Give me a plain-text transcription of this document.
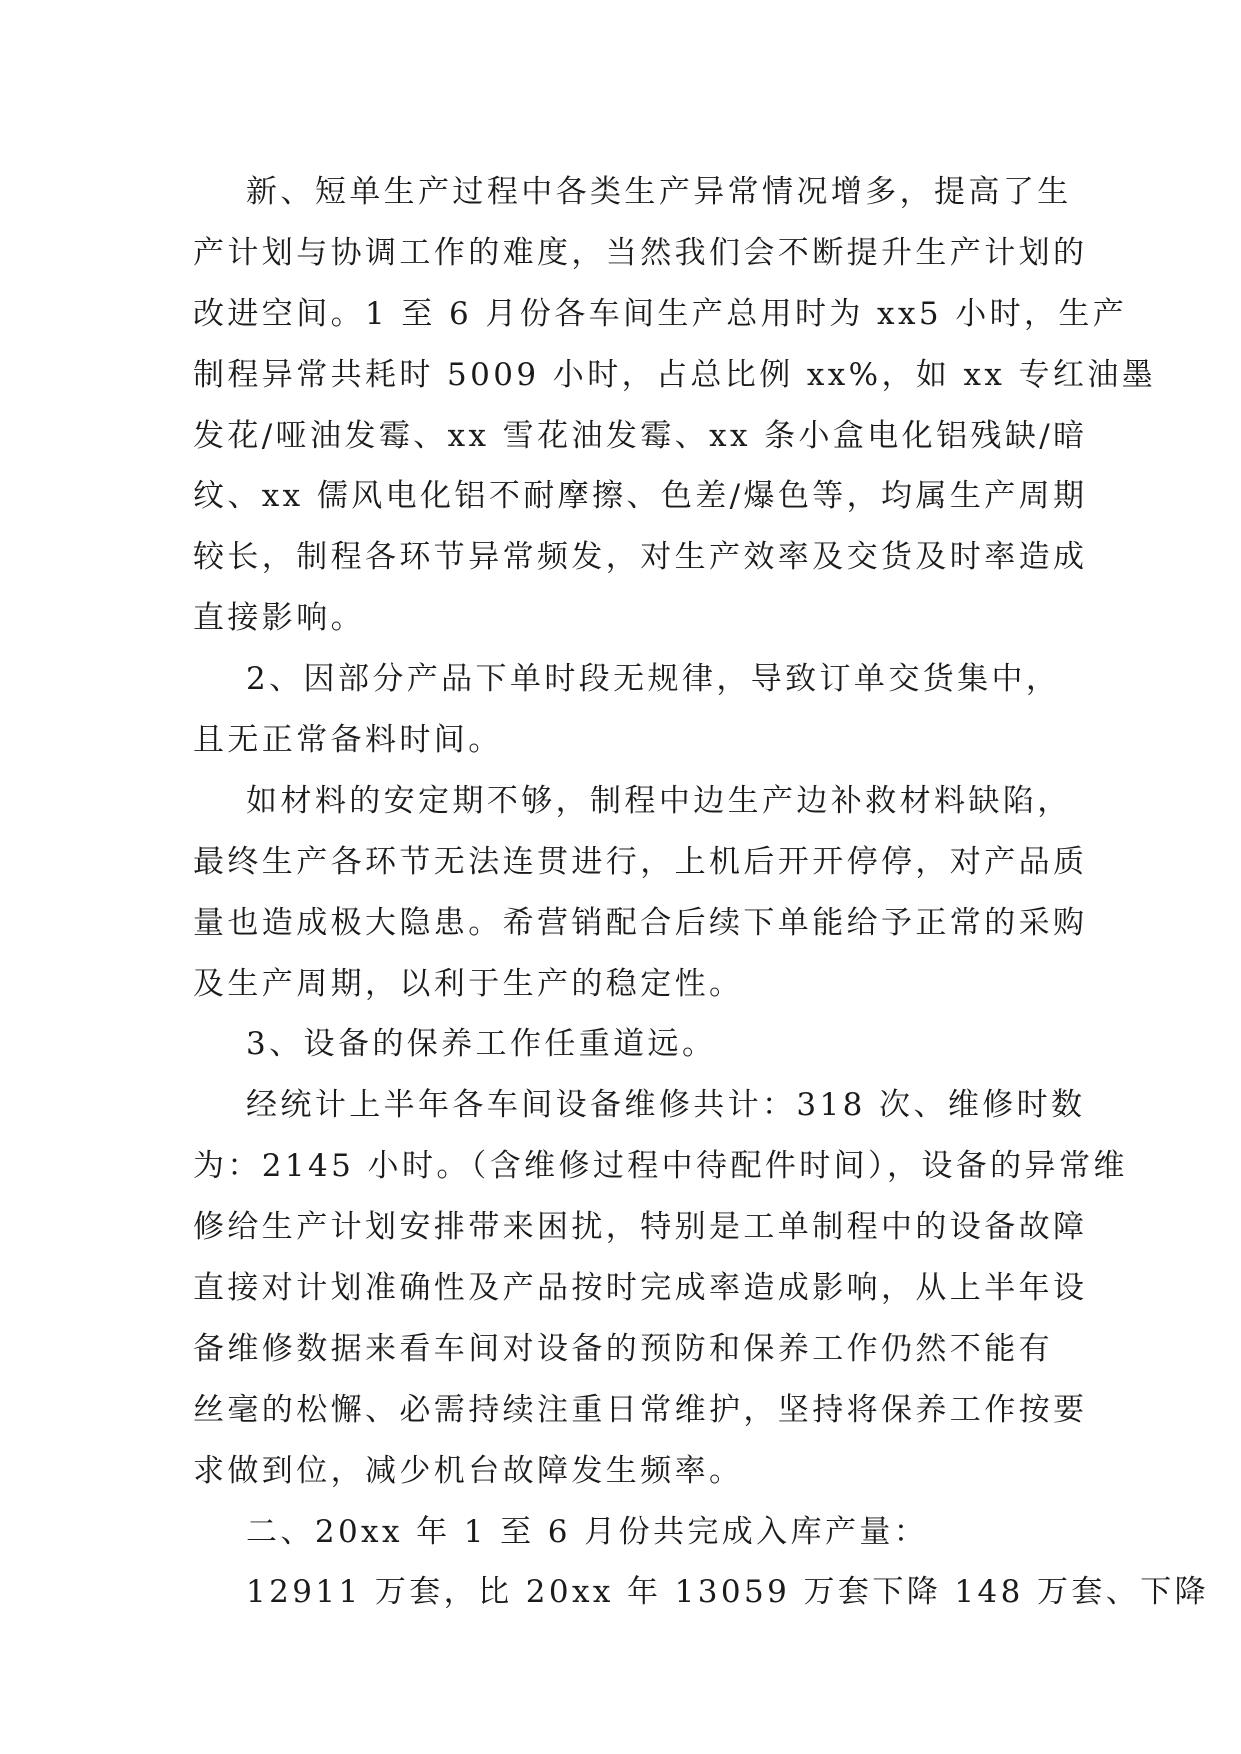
新、短单生产过程中各类生产异常情况增多，提高了生
产计划与协调工作的难度，当然我们会不断提升生产计划的
改进空间。1 至 6 月份各车间生产总用时为 xx5 小时，生产
制程异常共耗时 5009 小时，占总比例 xx%，如 xx 专红油墨
发花/哑油发霉、xx 雪花油发霉、xx 条小盒电化铝残缺/暗
纹、xx 儒风电化铝不耐摩擦、色差/爆色等，均属生产周期
较长，制程各环节异常频发，对生产效率及交货及时率造成
直接影响。
2、因部分产品下单时段无规律，导致订单交货集中，
且无正常备料时间。
如材料的安定期不够，制程中边生产边补救材料缺陷，
最终生产各环节无法连贯进行，上机后开开停停，对产品质
量也造成极大隐患。希营销配合后续下单能给予正常的采购
及生产周期，以利于生产的稳定性。
3、设备的保养工作任重道远。
经统计上半年各车间设备维修共计：318 次、维修时数
为：2145 小时。（含维修过程中待配件时间），设备的异常维
修给生产计划安排带来困扰，特别是工单制程中的设备故障
直接对计划准确性及产品按时完成率造成影响，从上半年设
备维修数据来看车间对设备的预防和保养工作仍然不能有
丝毫的松懈、必需持续注重日常维护，坚持将保养工作按要
求做到位，减少机台故障发生频率。
二、20xx 年 1 至 6 月份共完成入库产量：
12911 万套，比 20xx 年 13059 万套下降 148 万套、下降
